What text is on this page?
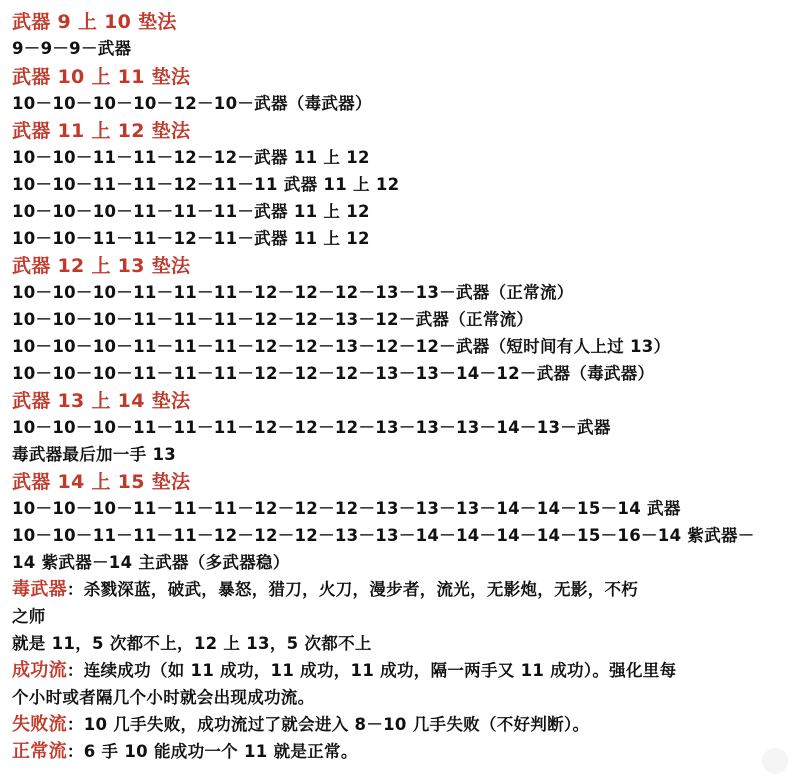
武器 9 上 10 垫法
9－9－9－武器
武器 10 上 11 垫法
10－10－10－10－12－10－武器（毒武器）
武器 11 上 12 垫法
10－10－11－11－12－12－武器 11 上 12
10－10－11－11－12－11－11 武器 11 上 12
10－10－10－11－11－11－武器 11 上 12
10－10－11－11－12－11－武器 11 上 12
武器 12 上 13 垫法
10－10－10－11－11－11－12－12－12－13－13－武器（正常流）
10－10－10－11－11－11－12－12－13－12－武器（正常流）
10－10－10－11－11－11－12－12－13－12－12－武器（短时间有人上过 13）
10－10－10－11－11－11－12－12－12－13－13－14－12－武器（毒武器）
武器 13 上 14 垫法
10－10－10－11－11－11－12－12－12－13－13－13－14－13－武器
毒武器最后加一手 13
武器 14 上 15 垫法
10－10－10－11－11－11－12－12－12－13－13－13－14－14－15－14 武器
10－10－11－11－11－12－12－12－13－13－14－14－14－14－15－16－14 紫武器－
14 紫武器－14 主武器（多武器稳）
毒武器：杀戮深蓝，破武，暴怒，猎刀，火刀，漫步者，流光，无影炮，无影，不朽
之师
就是 11，5 次都不上，12 上 13，5 次都不上
成功流：连续成功（如 11 成功，11 成功，11 成功，隔一两手又 11 成功）。强化里每
个小时或者隔几个小时就会出现成功流。
失败流：10 几手失败，成功流过了就会进入 8－10 几手失败（不好判断）。
正常流：6 手 10 能成功一个 11 就是正常。
